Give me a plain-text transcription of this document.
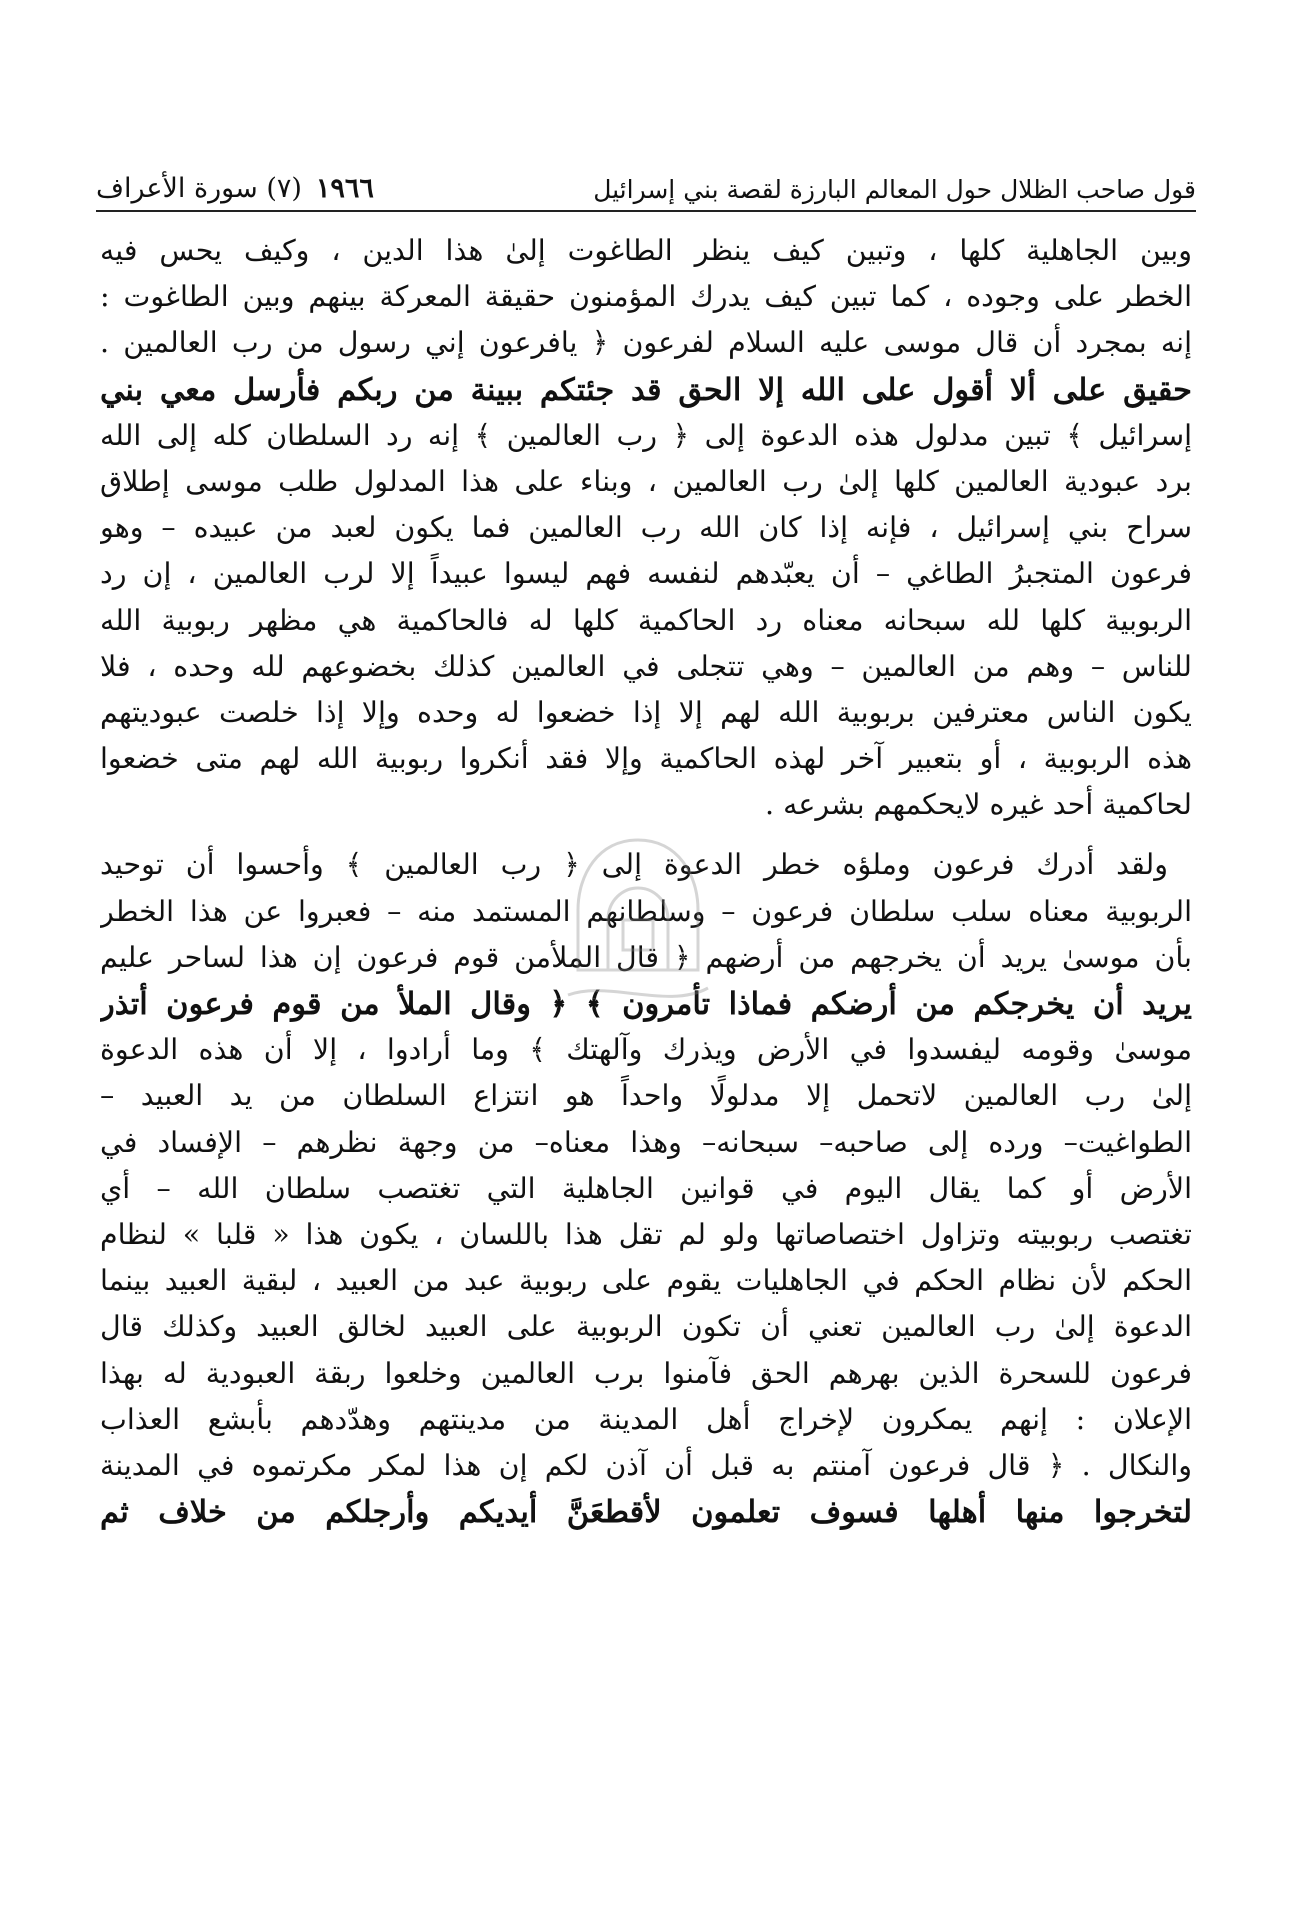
١٩٦٦
(٧) سورة الأعراف	قول صاحب الظلال حول المعالم البارزة لقصة بني إسرائيل
وبين الجاهلية كلها ، وتبين كيف ينظر الطاغوت إلىٰ هذا الدين ، وكيف يحس فيه
الخطر على وجوده ، كما تبين كيف يدرك المؤمنون حقيقة المعركة بينهم وبين الطاغوت :
إنه بمجرد أن قال موسى عليه السلام لفرعون ﴿ يافرعون إني رسول من رب العالمين .
حقيق على ألا أقول على الله إلا الحق قد جئتكم ببينة من ربكم فأرسل معي بني
إسرائيل ﴾ تبين مدلول هذه الدعوة إلى ﴿ رب العالمين ﴾ إنه رد السلطان كله إلى الله
برد عبودية العالمين كلها إلىٰ رب العالمين ، وبناء على هذا المدلول طلب موسى إطلاق
سراح بني إسرائيل ، فإنه إذا كان الله رب العالمين فما يكون لعبد من عبيده – وهو
فرعون المتجبرُ الطاغي – أن يعبّدهم لنفسه فهم ليسوا عبيداً إلا لرب العالمين ، إن رد
الربوبية كلها لله سبحانه معناه رد الحاكمية كلها له فالحاكمية هي مظهر ربوبية الله
للناس – وهم من العالمين – وهي تتجلى في العالمين كذلك بخضوعهم لله وحده ، فلا
يكون الناس معترفين بربوبية الله لهم إلا إذا خضعوا له وحده وإلا إذا خلصت عبوديتهم
هذه الربوبية ، أو بتعبير آخر لهذه الحاكمية وإلا فقد أنكروا ربوبية الله لهم متى خضعوا
لحاكمية أحد غيره لايحكمهم بشرعه .
ولقد أدرك فرعون وملؤه خطر الدعوة إلى ﴿ رب العالمين ﴾ وأحسوا أن توحيد
الربوبية معناه سلب سلطان فرعون – وسلطانهم المستمد منه – فعبروا عن هذا الخطر
بأن موسىٰ يريد أن يخرجهم من أرضهم ﴿ قال الملأمن قوم فرعون إن هذا لساحر عليم
يريد أن يخرجكم من أرضكم فماذا تأمرون ﴾ ﴿ وقال الملأ من قوم فرعون أتذر
موسىٰ وقومه ليفسدوا في الأرض ويذرك وآلهتك ﴾ وما أرادوا ، إلا أن هذه الدعوة
إلىٰ رب العالمين لاتحمل إلا مدلولًا واحداً هو انتزاع السلطان من يد العبيد –
الطواغيت– ورده إلى صاحبه– سبحانه– وهذا معناه– من وجهة نظرهم – الإفساد في
الأرض أو كما يقال اليوم في قوانين الجاهلية التي تغتصب سلطان الله – أي
تغتصب ربوبيته وتزاول اختصاصاتها ولو لم تقل هذا باللسان ، يكون هذا « قلبا » لنظام
الحكم لأن نظام الحكم في الجاهليات يقوم على ربوبية عبد من العبيد ، لبقية العبيد بينما
الدعوة إلىٰ رب العالمين تعني أن تكون الربوبية على العبيد لخالق العبيد وكذلك قال
فرعون للسحرة الذين بهرهم الحق فآمنوا برب العالمين وخلعوا ربقة العبودية له بهذا
الإعلان : إنهم يمكرون لإخراج أهل المدينة من مدينتهم وهدّدهم بأبشع العذاب
والنكال . ﴿ قال فرعون آمنتم به قبل أن آذن لكم إن هذا لمكر مكرتموه في المدينة
لتخرجوا منها أهلها فسوف تعلمون لأقطعَنَّ أيديكم وأرجلكم من خلاف ثم
